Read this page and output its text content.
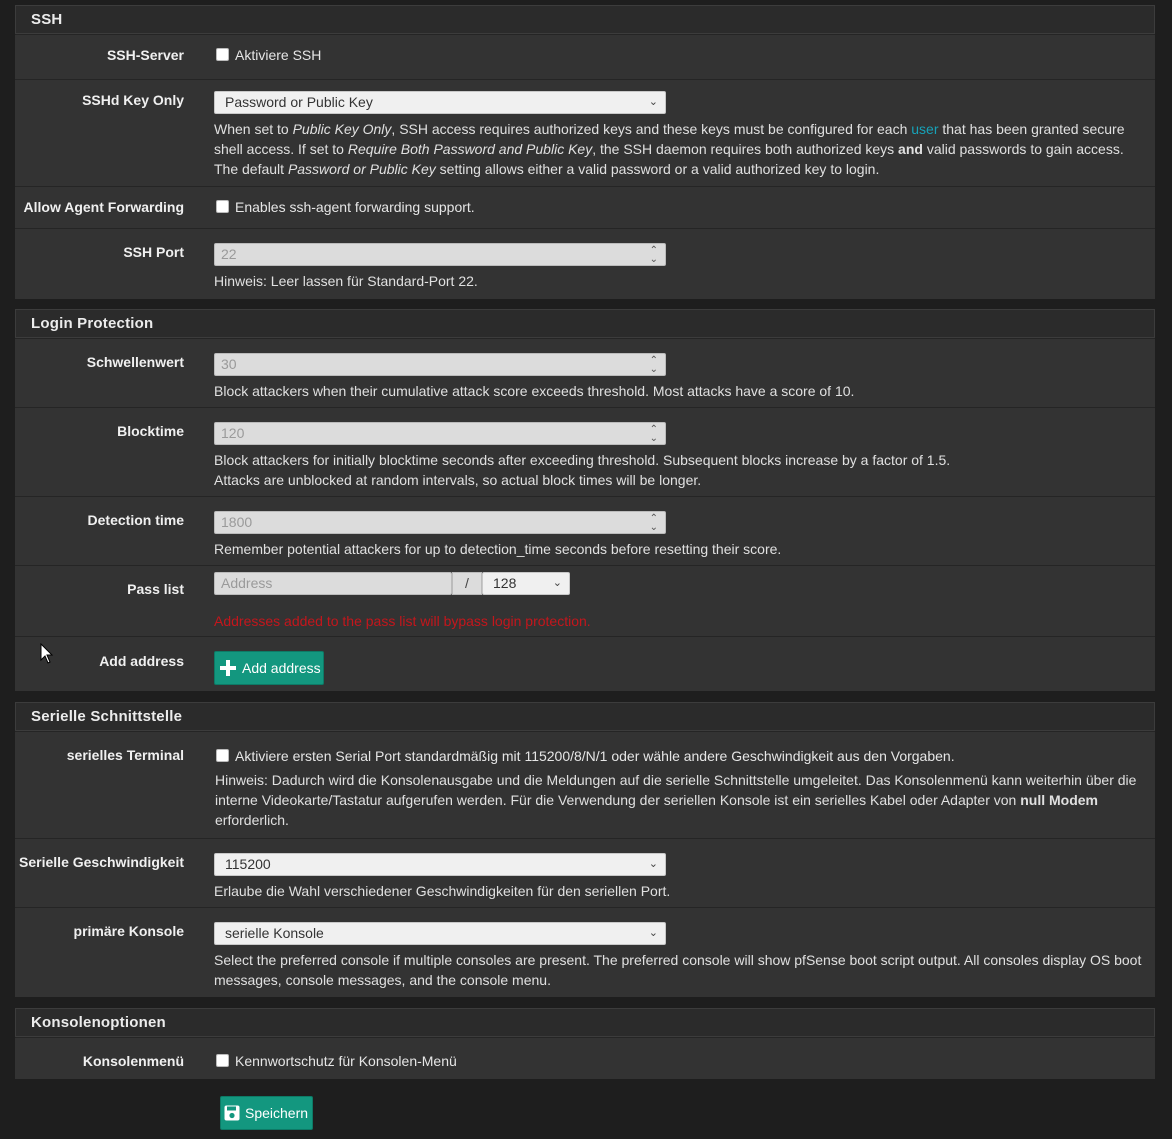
SSH
SSH-Server	Aktiviere SSH
SSHd Key Only	Password or Public Key	⌄
When set to Public Key Only, SSH access requires authorized keys and these keys must be configured for each user that has been granted secure shell access. If set to Require Both Password and Public Key, the SSH daemon requires both authorized keys and valid passwords to gain access. The default Password or Public Key setting allows either a valid password or a valid authorized key to login.
Allow Agent Forwarding	Enables ssh-agent forwarding support.
SSH Port	22	⌃
⌄
Hinweis: Leer lassen für Standard-Port 22.
Login Protection
Schwellenwert	30	⌃
⌄
Block attackers when their cumulative attack score exceeds threshold. Most attacks have a score of 10.
Blocktime	120	⌃
⌄
Block attackers for initially blocktime seconds after exceeding threshold. Subsequent blocks increase by a factor of 1.5.
Attacks are unblocked at random intervals, so actual block times will be longer.
Detection time	1800	⌃
⌄
Remember potential attackers for up to detection_time seconds before resetting their score.
Pass list	Address	/	128	⌄
Addresses added to the pass list will bypass login protection.
Add address	Add address
Serielle Schnittstelle
serielles Terminal	Aktiviere ersten Serial Port standardmäßig mit 115200/8/N/1 oder wähle andere Geschwindigkeit aus den Vorgaben.
Hinweis: Dadurch wird die Konsolenausgabe und die Meldungen auf die serielle Schnittstelle umgeleitet. Das Konsolenmenü kann weiterhin über die interne Videokarte/Tastatur aufgerufen werden. Für die Verwendung der seriellen Konsole ist ein serielles Kabel oder Adapter von null Modem erforderlich.
Serielle Geschwindigkeit	115200	⌄
Erlaube die Wahl verschiedener Geschwindigkeiten für den seriellen Port.
primäre Konsole	serielle Konsole	⌄
Select the preferred console if multiple consoles are present. The preferred console will show pfSense boot script output. All consoles display OS boot messages, console messages, and the console menu.
Konsolenoptionen
Konsolenmenü	Kennwortschutz für Konsolen-Menü
Speichern
